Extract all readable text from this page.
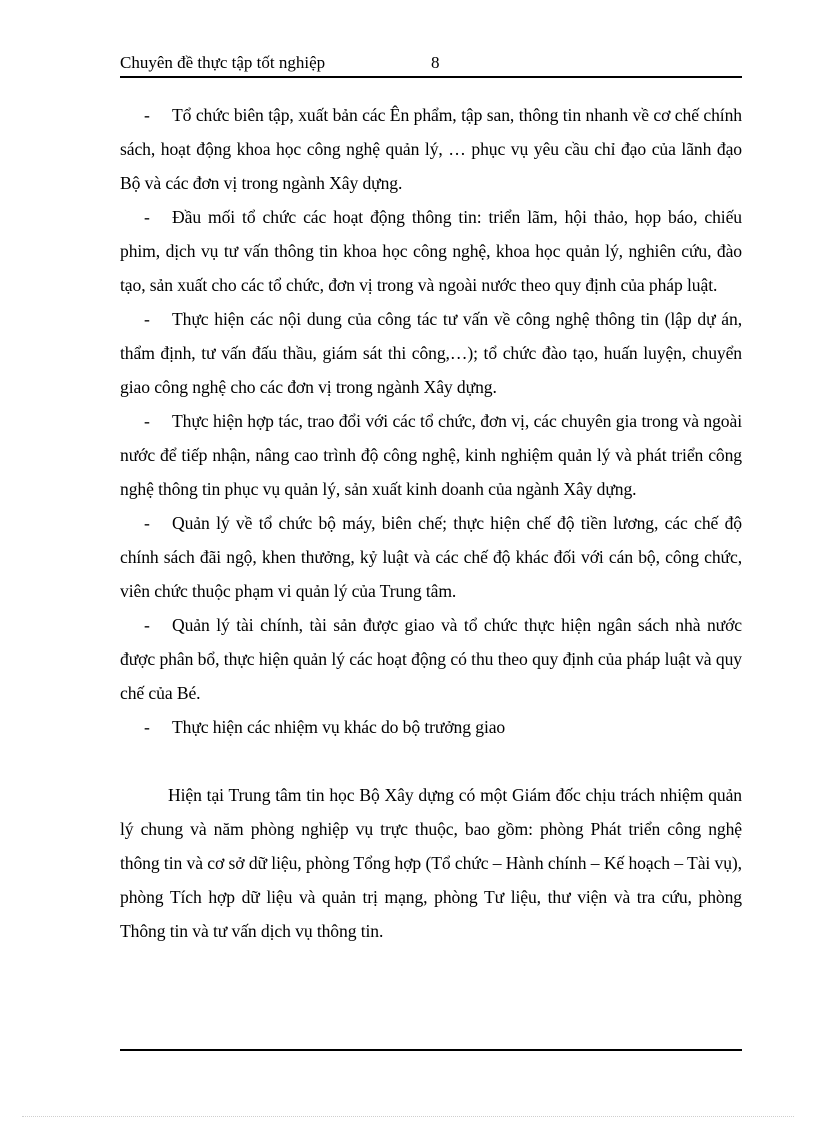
Chuyên đề thực tập tốt nghiệp	8

- Tổ chức biên tập, xuất bản các Ên phẩm, tập san, thông tin nhanh về cơ chế chính sách, hoạt động khoa học công nghệ quản lý, … phục vụ yêu cầu chỉ đạo của lãnh đạo Bộ và các đơn vị trong ngành Xây dựng.

- Đầu mối tổ chức các hoạt động thông tin: triển lãm, hội thảo, họp báo, chiếu phim, dịch vụ tư vấn thông tin khoa học công nghệ, khoa học quản lý, nghiên cứu, đào tạo, sản xuất cho các tổ chức, đơn vị trong và ngoài nước theo quy định của pháp luật.

- Thực hiện các nội dung của công tác tư vấn về công nghệ thông tin (lập dự án, thẩm định, tư vấn đấu thầu, giám sát thi công,…); tổ chức đào tạo, huấn luyện, chuyển giao công nghệ cho các đơn vị trong ngành Xây dựng.

- Thực hiện hợp tác, trao đổi với các tổ chức, đơn vị, các chuyên gia trong và ngoài nước để tiếp nhận, nâng cao trình độ công nghệ, kinh nghiệm quản lý và phát triển công nghệ thông tin phục vụ quản lý, sản xuất kinh doanh của ngành Xây dựng.

- Quản lý về tổ chức bộ máy, biên chế; thực hiện chế độ tiền lương, các chế độ chính sách đãi ngộ, khen thưởng, kỷ luật và các chế độ khác đối với cán bộ, công chức, viên chức thuộc phạm vi quản lý của Trung tâm.

- Quản lý tài chính, tài sản được giao và tổ chức thực hiện ngân sách nhà nước được phân bổ, thực hiện quản lý các hoạt động có thu theo quy định của pháp luật và quy chế của Bé.

- Thực hiện các nhiệm vụ khác do bộ trưởng giao

Hiện tại Trung tâm tin học Bộ Xây dựng có một Giám đốc chịu trách nhiệm quản lý chung và năm phòng nghiệp vụ trực thuộc, bao gồm: phòng Phát triển công nghệ thông tin và cơ sở dữ liệu, phòng Tổng hợp (Tổ chức – Hành chính – Kế hoạch – Tài vụ), phòng Tích hợp dữ liệu và quản trị mạng, phòng Tư liệu, thư viện và tra cứu, phòng Thông tin và tư vấn dịch vụ thông tin.
